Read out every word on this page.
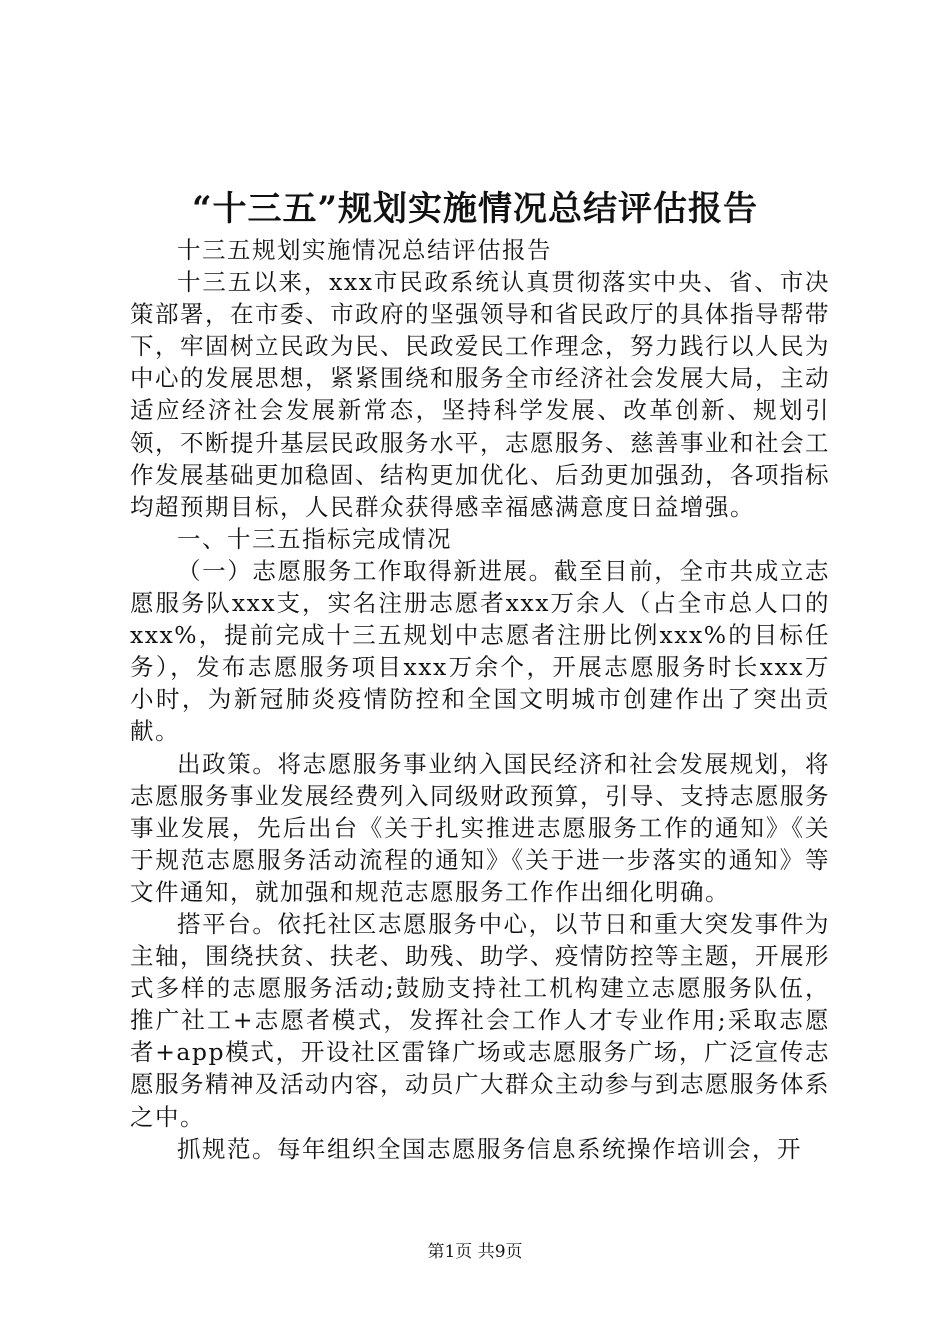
“十三五”规划实施情况总结评估报告

十三五规划实施情况总结评估报告

十三五以来，xxx市民政系统认真贯彻落实中央、省、市决策部署，在市委、市政府的坚强领导和省民政厅的具体指导帮带下，牢固树立民政为民、民政爱民工作理念，努力践行以人民为中心的发展思想，紧紧围绕和服务全市经济社会发展大局，主动适应经济社会发展新常态，坚持科学发展、改革创新、规划引领，不断提升基层民政服务水平，志愿服务、慈善事业和社会工作发展基础更加稳固、结构更加优化、后劲更加强劲，各项指标均超预期目标，人民群众获得感幸福感满意度日益增强。

一、十三五指标完成情况

（一）志愿服务工作取得新进展。截至目前，全市共成立志愿服务队xxx支，实名注册志愿者xxx万余人（占全市总人口的xxx%，提前完成十三五规划中志愿者注册比例xxx%的目标任务），发布志愿服务项目xxx万余个，开展志愿服务时长xxx万小时，为新冠肺炎疫情防控和全国文明城市创建作出了突出贡献。

出政策。将志愿服务事业纳入国民经济和社会发展规划，将志愿服务事业发展经费列入同级财政预算，引导、支持志愿服务事业发展，先后出台《关于扎实推进志愿服务工作的通知》《关于规范志愿服务活动流程的通知》《关于进一步落实的通知》等文件通知，就加强和规范志愿服务工作作出细化明确。

搭平台。依托社区志愿服务中心，以节日和重大突发事件为主轴，围绕扶贫、扶老、助残、助学、疫情防控等主题，开展形式多样的志愿服务活动;鼓励支持社工机构建立志愿服务队伍，推广社工+志愿者模式，发挥社会工作人才专业作用;采取志愿者+app模式，开设社区雷锋广场或志愿服务广场，广泛宣传志愿服务精神及活动内容，动员广大群众主动参与到志愿服务体系之中。

抓规范。每年组织全国志愿服务信息系统操作培训会，开

第1页 共9页
